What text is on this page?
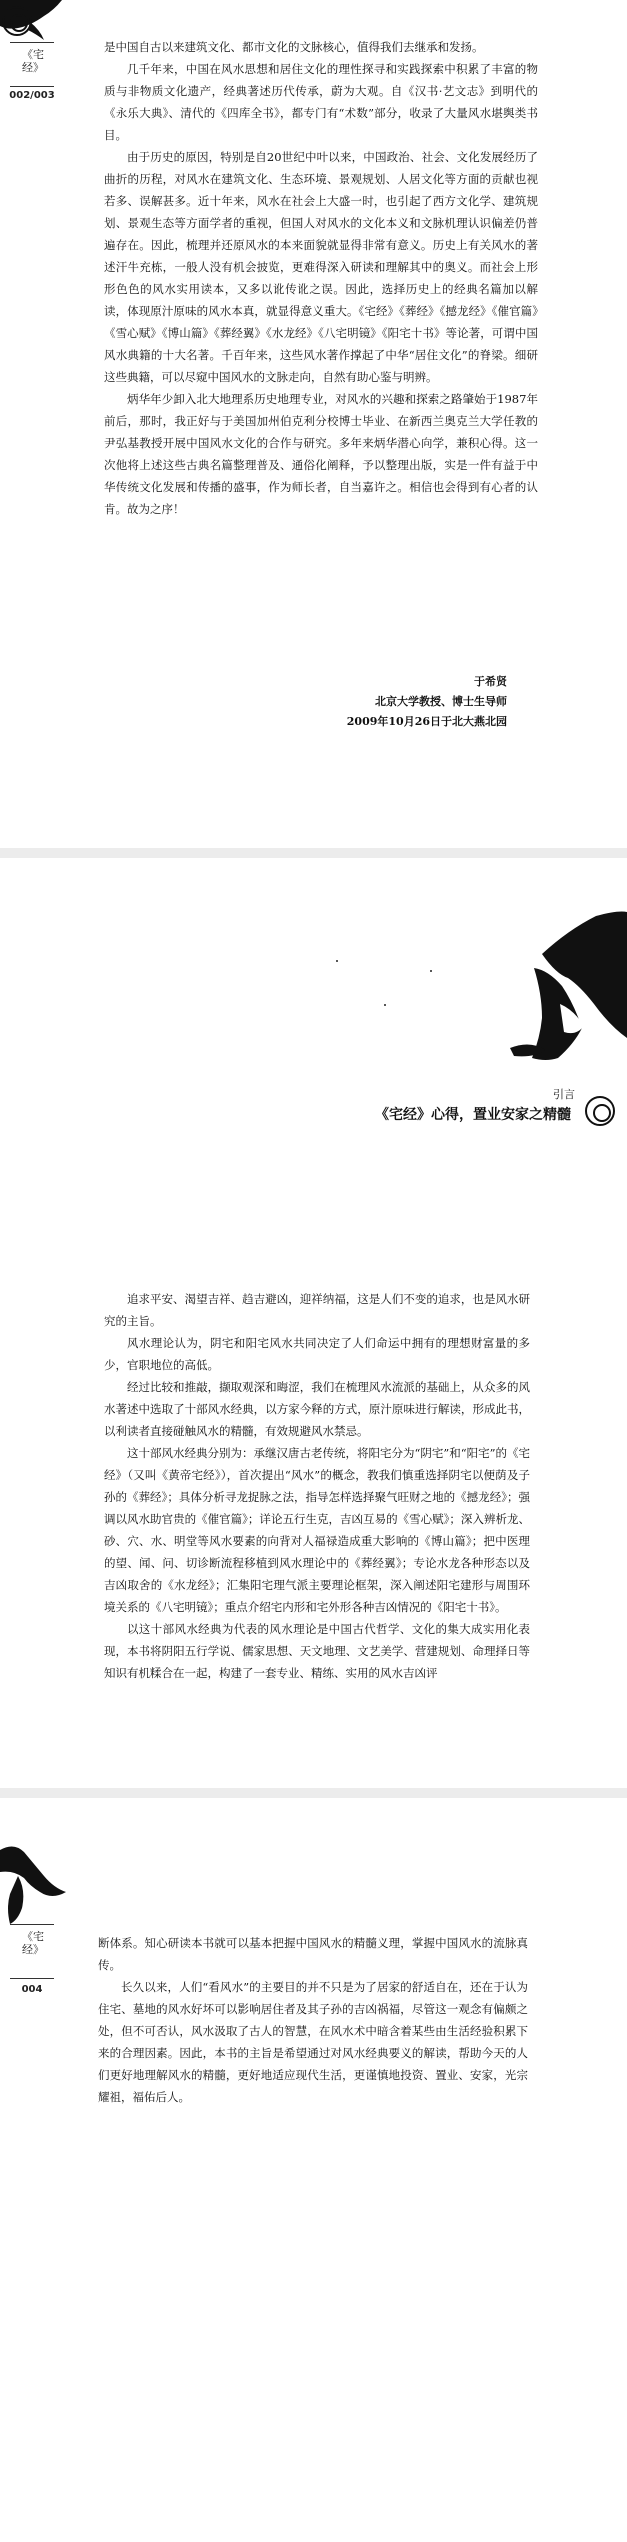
《宅经》
002/003

是中国自古以来建筑文化、都市文化的文脉核心，值得我们去继承和发扬。

几千年来，中国在风水思想和居住文化的理性探寻和实践探索中积累了丰富的物质与非物质文化遗产，经典著述历代传承，蔚为大观。自《汉书·艺文志》到明代的《永乐大典》、清代的《四库全书》，都专门有“术数”部分，收录了大量风水堪舆类书目。

由于历史的原因，特别是自20世纪中叶以来，中国政治、社会、文化发展经历了曲折的历程，对风水在建筑文化、生态环境、景观规划、人居文化等方面的贡献也视若多、误解甚多。近十年来，风水在社会上大盛一时，也引起了西方文化学、建筑规划、景观生态等方面学者的重视，但国人对风水的文化本义和文脉机理认识偏差仍普遍存在。因此，梳理并还原风水的本来面貌就显得非常有意义。历史上有关风水的著述汗牛充栋，一般人没有机会披览，更难得深入研读和理解其中的奥义。而社会上形形色色的风水实用读本，又多以讹传讹之误。因此，选择历史上的经典名篇加以解读，体现原汁原味的风水本真，就显得意义重大。《宅经》《葬经》《撼龙经》《催官篇》《雪心赋》《博山篇》《葬经翼》《水龙经》《八宅明镜》《阳宅十书》等论著，可谓中国风水典籍的十大名著。千百年来，这些风水著作撑起了中华“居住文化”的脊梁。细研这些典籍，可以尽窥中国风水的文脉走向，自然有助心鉴与明辨。

炳华年少卸入北大地理系历史地理专业，对风水的兴趣和探索之路肇始于1987年前后，那时，我正好与于美国加州伯克利分校博士毕业、在新西兰奥克兰大学任教的尹弘基教授开展中国风水文化的合作与研究。多年来炳华潜心向学，兼积心得。这一次他将上述这些古典名篇整理普及、通俗化阐释，予以整理出版，实是一件有益于中华传统文化发展和传播的盛事，作为师长者，自当嘉许之。相信也会得到有心者的认肯。故为之序！

于希贤
北京大学教授、博士生导师
2009年10月26日于北大燕北园
引言
《宅经》心得，置业安家之精髓

追求平安、渴望吉祥、趋吉避凶，迎祥纳福，这是人们不变的追求，也是风水研究的主旨。

风水理论认为，阴宅和阳宅风水共同决定了人们命运中拥有的理想财富量的多少，官职地位的高低。

经过比较和推敲，撷取观深和晦涩，我们在梳理风水流派的基础上，从众多的风水著述中选取了十部风水经典，以方家今释的方式，原汁原味进行解读，形成此书，以利读者直接碰触风水的精髓，有效规避风水禁忌。

这十部风水经典分别为：承继汉唐古老传统，将阳宅分为“阴宅”和“阳宅”的《宅经》（又叫《黄帝宅经》），首次提出“风水”的概念，教我们慎重选择阴宅以便荫及子孙的《葬经》；具体分析寻龙捉脉之法，指导怎样选择聚气旺财之地的《撼龙经》；强调以风水助官贵的《催官篇》；详论五行生克，吉凶互易的《雪心赋》；深入辨析龙、砂、穴、水、明堂等风水要素的向背对人福禄造成重大影响的《博山篇》；把中医理的望、闻、问、切诊断流程移植到风水理论中的《葬经翼》；专论水龙各种形态以及吉凶取舍的《水龙经》；汇集阳宅理气派主要理论框架，深入阐述阳宅建形与周围环境关系的《八宅明镜》；重点介绍宅内形和宅外形各种吉凶情况的《阳宅十书》。

以这十部风水经典为代表的风水理论是中国古代哲学、文化的集大成实用化表现，本书将阴阳五行学说、儒家思想、天文地理、文艺美学、营建规划、命理择日等知识有机糅合在一起，构建了一套专业、精练、实用的风水吉凶评

《宅经》
004

断体系。知心研读本书就可以基本把握中国风水的精髓义理，掌握中国风水的流脉真传。

长久以来，人们“看风水”的主要目的并不只是为了居家的舒适自在，还在于认为住宅、墓地的风水好坏可以影响居住者及其子孙的吉凶祸福，尽管这一观念有偏颇之处，但不可否认，风水汲取了古人的智慧，在风水术中暗含着某些由生活经验积累下来的合理因素。因此，本书的主旨是希望通过对风水经典要义的解读，帮助今天的人们更好地理解风水的精髓，更好地适应现代生活，更谨慎地投资、置业、安家，光宗耀祖，福佑后人。
